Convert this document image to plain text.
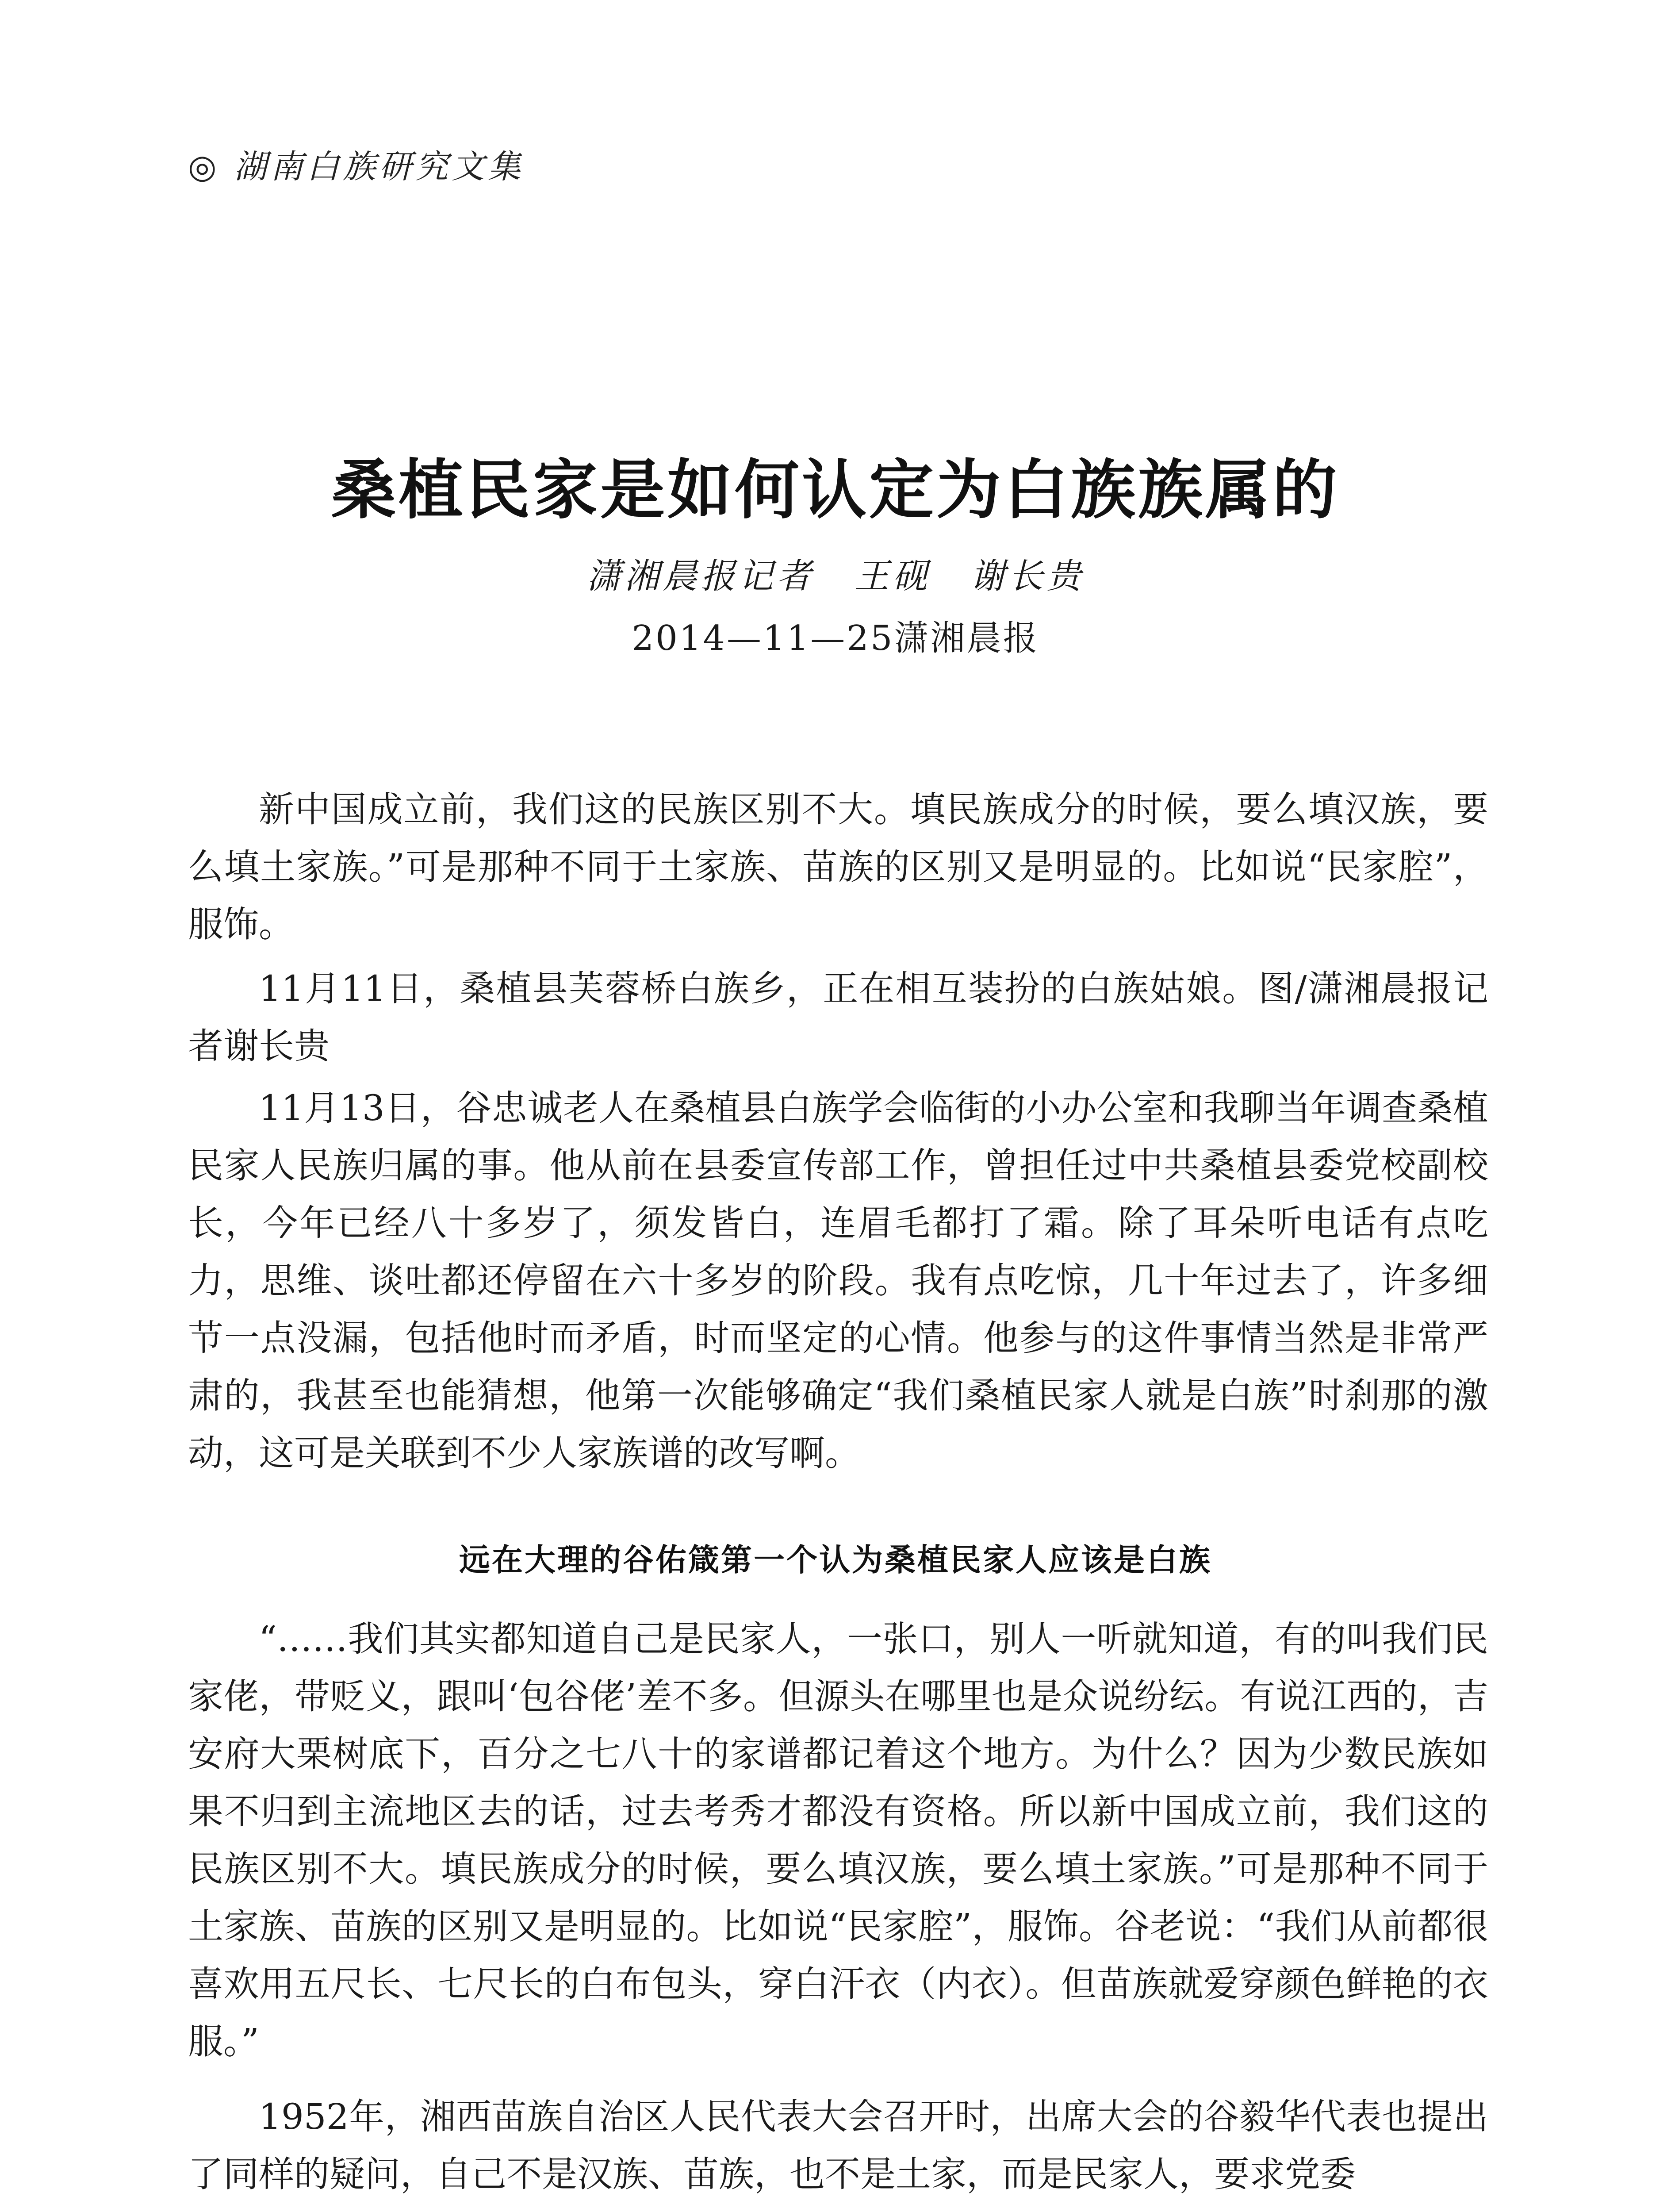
◎ 湖南白族研究文集
桑植民家是如何认定为白族族属的
潇湘晨报记者 王砚 谢长贵
2014—11—25潇湘晨报

新中国成立前，我们这的民族区别不大。填民族成分的时候，要么填汉族，要么填土家族。”可是那种不同于土家族、苗族的区别又是明显的。比如说“民家腔”，服饰。

11月11日，桑植县芙蓉桥白族乡，正在相互装扮的白族姑娘。图/潇湘晨报记者谢长贵

11月13日，谷忠诚老人在桑植县白族学会临街的小办公室和我聊当年调查桑植民家人民族归属的事。他从前在县委宣传部工作，曾担任过中共桑植县委党校副校长，今年已经八十多岁了，须发皆白，连眉毛都打了霜。除了耳朵听电话有点吃力，思维、谈吐都还停留在六十多岁的阶段。我有点吃惊，几十年过去了，许多细节一点没漏，包括他时而矛盾，时而坚定的心情。他参与的这件事情当然是非常严肃的，我甚至也能猜想，他第一次能够确定“我们桑植民家人就是白族”时刹那的激动，这可是关联到不少人家族谱的改写啊。

远在大理的谷佑箴第一个认为桑植民家人应该是白族

“……我们其实都知道自己是民家人，一张口，别人一听就知道，有的叫我们民家佬，带贬义，跟叫‘包谷佬’差不多。但源头在哪里也是众说纷纭。有说江西的，吉安府大栗树底下，百分之七八十的家谱都记着这个地方。为什么？因为少数民族如果不归到主流地区去的话，过去考秀才都没有资格。所以新中国成立前，我们这的民族区别不大。填民族成分的时候，要么填汉族，要么填土家族。”可是那种不同于土家族、苗族的区别又是明显的。比如说“民家腔”，服饰。谷老说：“我们从前都很喜欢用五尺长、七尺长的白布包头，穿白汗衣（内衣）。但苗族就爱穿颜色鲜艳的衣服。”

1952年，湘西苗族自治区人民代表大会召开时，出席大会的谷毅华代表也提出了同样的疑问，自己不是汉族、苗族，也不是土家，而是民家人，要求党委
